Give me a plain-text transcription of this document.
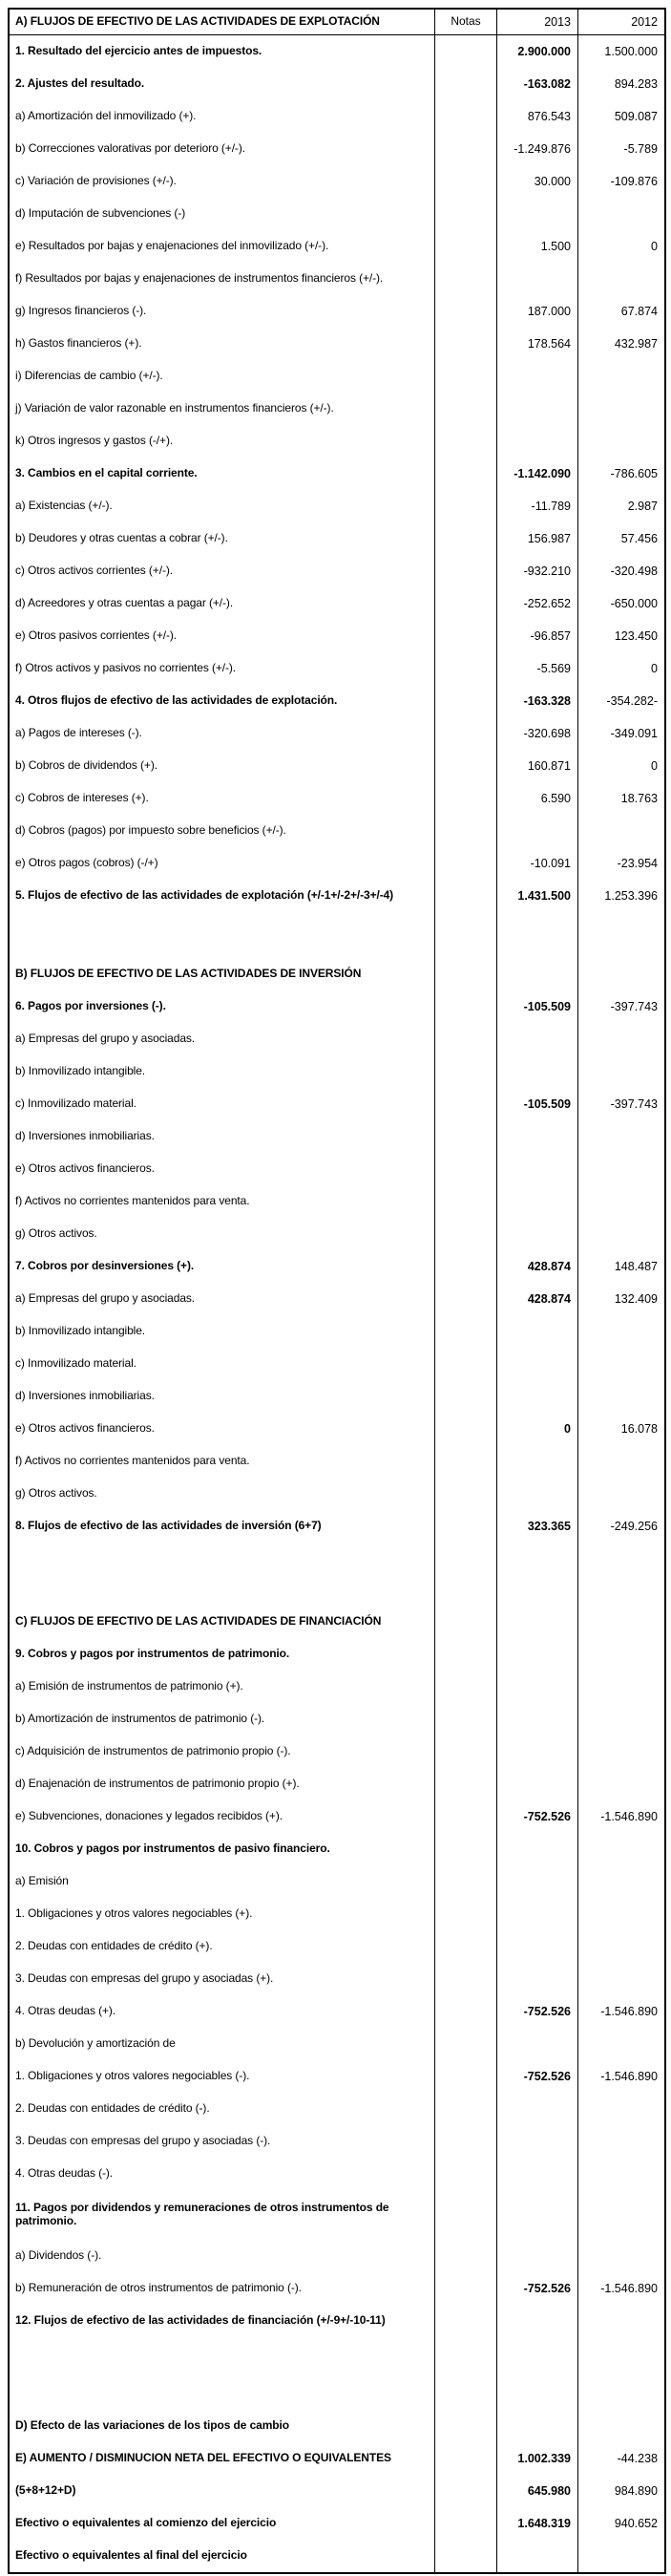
A) FLUJOS DE EFECTIVO DE LAS ACTIVIDADES DE EXPLOTACIÓN	Notas	2013	2012
1. Resultado del ejercicio antes de impuestos.	2.900.000	1.500.000
2. Ajustes del resultado.	-163.082	894.283
a) Amortización del inmovilizado (+).	876.543	509.087
b) Correcciones valorativas por deterioro (+/-).	-1.249.876	-5.789
c) Variación de provisiones (+/-).	30.000	-109.876
d) Imputación de subvenciones (-)
e) Resultados por bajas y enajenaciones del inmovilizado (+/-).	1.500	0
f) Resultados por bajas y enajenaciones de instrumentos financieros (+/-).
g) Ingresos financieros (-).	187.000	67.874
h) Gastos financieros (+).	178.564	432.987
i) Diferencias de cambio (+/-).
j) Variación de valor razonable en instrumentos financieros (+/-).
k) Otros ingresos y gastos (-/+).
3. Cambios en el capital corriente.	-1.142.090	-786.605
a) Existencias (+/-).	-11.789	2.987
b) Deudores y otras cuentas a cobrar (+/-).	156.987	57.456
c) Otros activos corrientes (+/-).	-932.210	-320.498
d) Acreedores y otras cuentas a pagar (+/-).	-252.652	-650.000
e) Otros pasivos corrientes (+/-).	-96.857	123.450
f) Otros activos y pasivos no corrientes (+/-).	-5.569	0
4. Otros flujos de efectivo de las actividades de explotación.	-163.328	-354.282-
a) Pagos de intereses (-).	-320.698	-349.091
b) Cobros de dividendos (+).	160.871	0
c) Cobros de intereses (+).	6.590	18.763
d) Cobros (pagos) por impuesto sobre beneficios (+/-).
e) Otros pagos (cobros) (-/+)	-10.091	-23.954
5. Flujos de efectivo de las actividades de explotación (+/-1+/-2+/-3+/-4)	1.431.500	1.253.396
B) FLUJOS DE EFECTIVO DE LAS ACTIVIDADES DE INVERSIÓN
6. Pagos por inversiones (-).	-105.509	-397.743
a) Empresas del grupo y asociadas.
b) Inmovilizado intangible.
c) Inmovilizado material.	-105.509	-397.743
d) Inversiones inmobiliarias.
e) Otros activos financieros.
f) Activos no corrientes mantenidos para venta.
g) Otros activos.
7. Cobros por desinversiones (+).	428.874	148.487
a) Empresas del grupo y asociadas.	428.874	132.409
b) Inmovilizado intangible.
c) Inmovilizado material.
d) Inversiones inmobiliarias.
e) Otros activos financieros.	0	16.078
f) Activos no corrientes mantenidos para venta.
g) Otros activos.
8. Flujos de efectivo de las actividades de inversión (6+7)	323.365	-249.256
C) FLUJOS DE EFECTIVO DE LAS ACTIVIDADES DE FINANCIACIÓN
9. Cobros y pagos por instrumentos de patrimonio.
a) Emisión de instrumentos de patrimonio (+).
b) Amortización de instrumentos de patrimonio (-).
c) Adquisición de instrumentos de patrimonio propio (-).
d) Enajenación de instrumentos de patrimonio propio (+).
e) Subvenciones, donaciones y legados recibidos (+).	-752.526	-1.546.890
10. Cobros y pagos por instrumentos de pasivo financiero.
a) Emisión
1. Obligaciones y otros valores negociables (+).
2. Deudas con entidades de crédito (+).
3. Deudas con empresas del grupo y asociadas (+).
4. Otras deudas (+).	-752.526	-1.546.890
b) Devolución y amortización de
1. Obligaciones y otros valores negociables (-).	-752.526	-1.546.890
2. Deudas con entidades de crédito (-).
3. Deudas con empresas del grupo y asociadas (-).
4. Otras deudas (-).
11. Pagos por dividendos y remuneraciones de otros instrumentos de patrimonio.
a) Dividendos (-).
b) Remuneración de otros instrumentos de patrimonio (-).	-752.526	-1.546.890
12. Flujos de efectivo de las actividades de financiación (+/-9+/-10-11)
D) Efecto de las variaciones de los tipos de cambio
E) AUMENTO / DISMINUCION NETA DEL EFECTIVO O EQUIVALENTES	1.002.339	-44.238
(5+8+12+D)	645.980	984.890
Efectivo o equivalentes al comienzo del ejercicio	1.648.319	940.652
Efectivo o equivalentes al final del ejercicio
